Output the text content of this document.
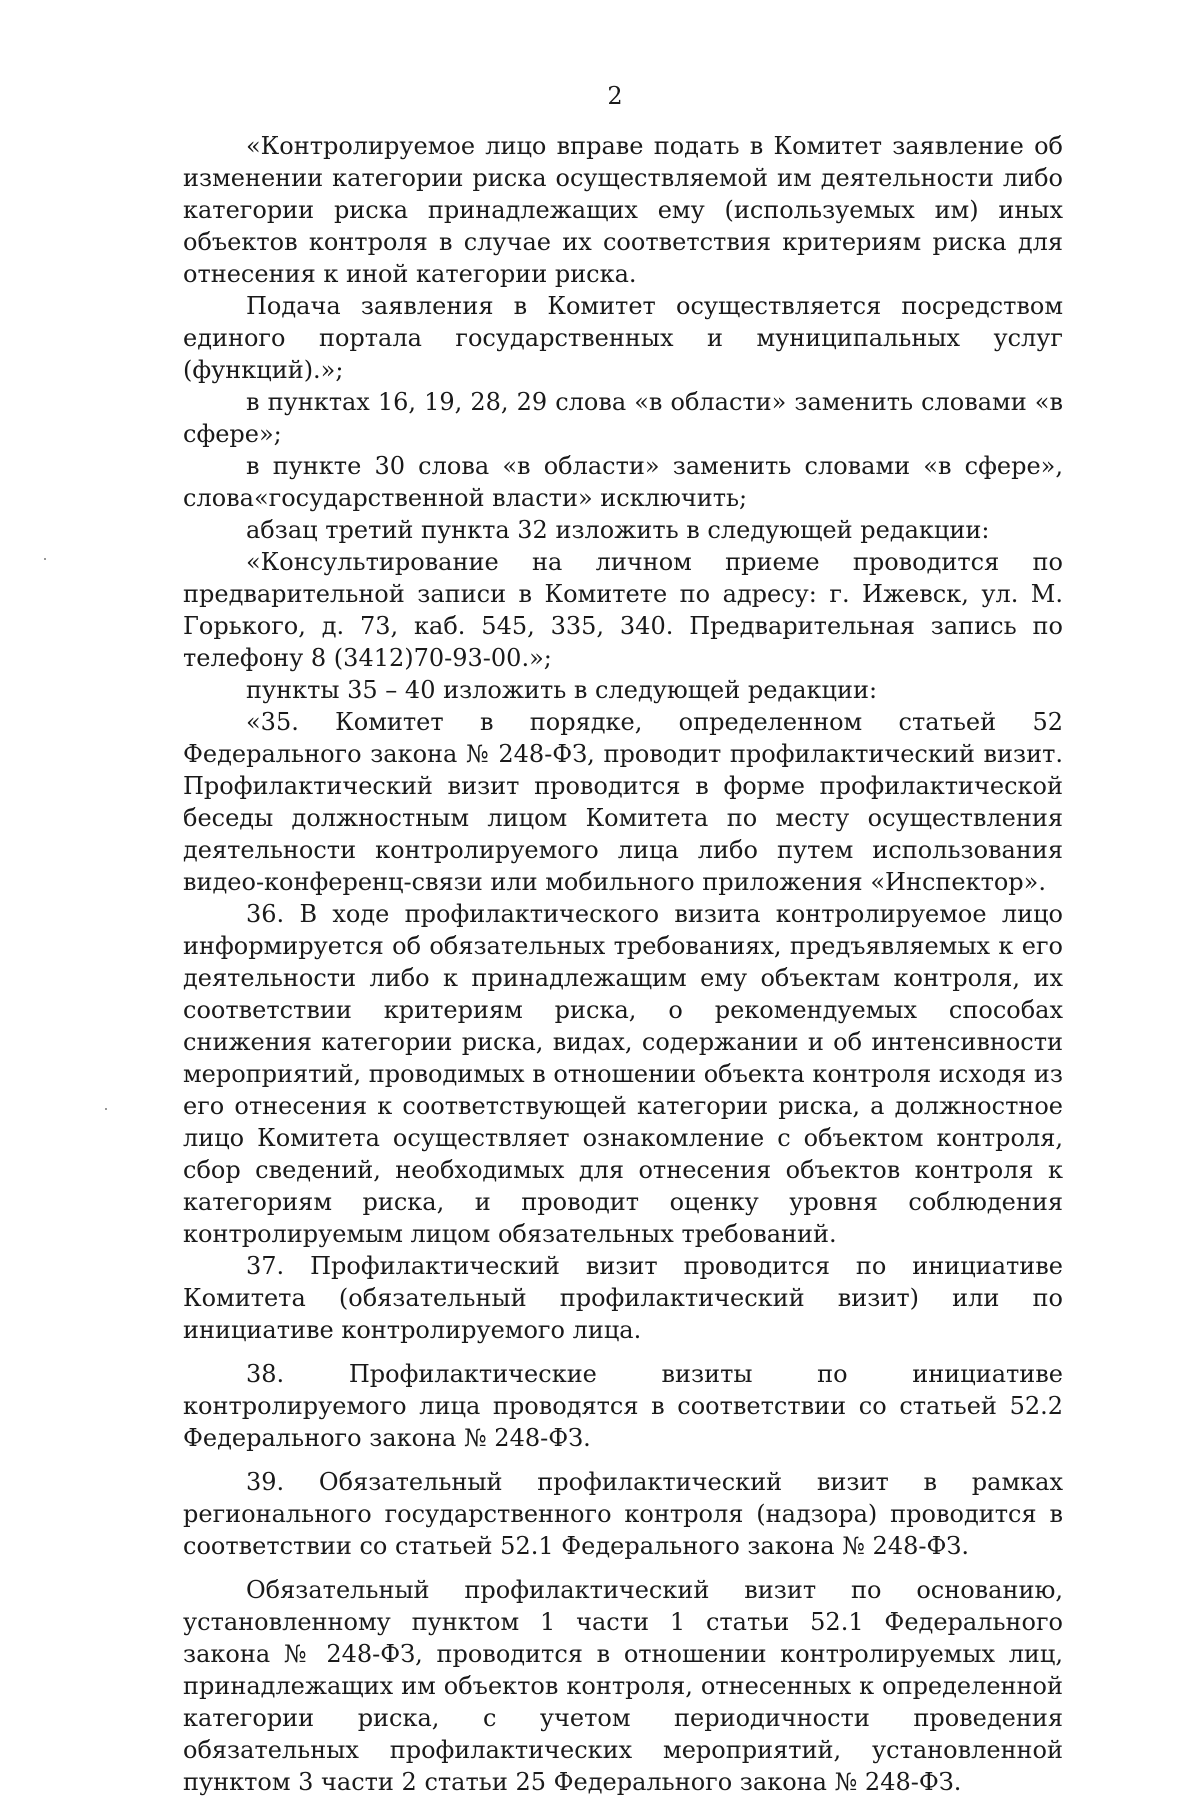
2

«Контролируемое лицо вправе подать в Комитет заявление об изменении категории риска осуществляемой им деятельности либо категории риска принадлежащих ему (используемых им) иных объектов контроля в случае их соответствия критериям риска для отнесения к иной категории риска.

Подача заявления в Комитет осуществляется посредством единого портала государственных и муниципальных услуг (функций).»;

в пунктах 16, 19, 28, 29 слова «в области» заменить словами «в сфере»;

в пункте 30 слова «в области» заменить словами «в сфере», слова«государственной власти» исключить;

абзац третий пункта 32 изложить в следующей редакции:

«Консультирование на личном приеме проводится по предварительной записи в Комитете по адресу: г. Ижевск, ул. М. Горького, д. 73, каб. 545, 335, 340. Предварительная запись по телефону 8 (3412)70-93-00.»;

пункты 35 – 40 изложить в следующей редакции:

«35. Комитет в порядке, определенном статьей 52 Федерального закона № 248-ФЗ, проводит профилактический визит. Профилактический визит проводится в форме профилактической беседы должностным лицом Комитета по месту осуществления деятельности контролируемого лица либо путем использования видео-конференц-связи или мобильного приложения «Инспектор».

36. В ходе профилактического визита контролируемое лицо информируется об обязательных требованиях, предъявляемых к его деятельности либо к принадлежащим ему объектам контроля, их соответствии критериям риска, о рекомендуемых способах снижения категории риска, видах, содержании и об интенсивности мероприятий, проводимых в отношении объекта контроля исходя из его отнесения к соответствующей категории риска, а должностное лицо Комитета осуществляет ознакомление с объектом контроля, сбор сведений, необходимых для отнесения объектов контроля к категориям риска, и проводит оценку уровня соблюдения контролируемым лицом обязательных требований.

37. Профилактический визит проводится по инициативе Комитета (обязательный профилактический визит) или по инициативе контролируемого лица.

38. Профилактические визиты по инициативе контролируемого лица проводятся в соответствии со статьей 52.2 Федерального закона № 248-ФЗ.

39. Обязательный профилактический визит в рамках регионального государственного контроля (надзора) проводится в соответствии со статьей 52.1 Федерального закона № 248-ФЗ.

Обязательный профилактический визит по основанию, установленному пунктом 1 части 1 статьи 52.1 Федерального закона № 248-ФЗ, проводится в отношении контролируемых лиц, принадлежащих им объектов контроля, отнесенных к определенной категории риска, с учетом периодичности проведения обязательных профилактических мероприятий, установленной пунктом 3 части 2 статьи 25 Федерального закона № 248-ФЗ.
